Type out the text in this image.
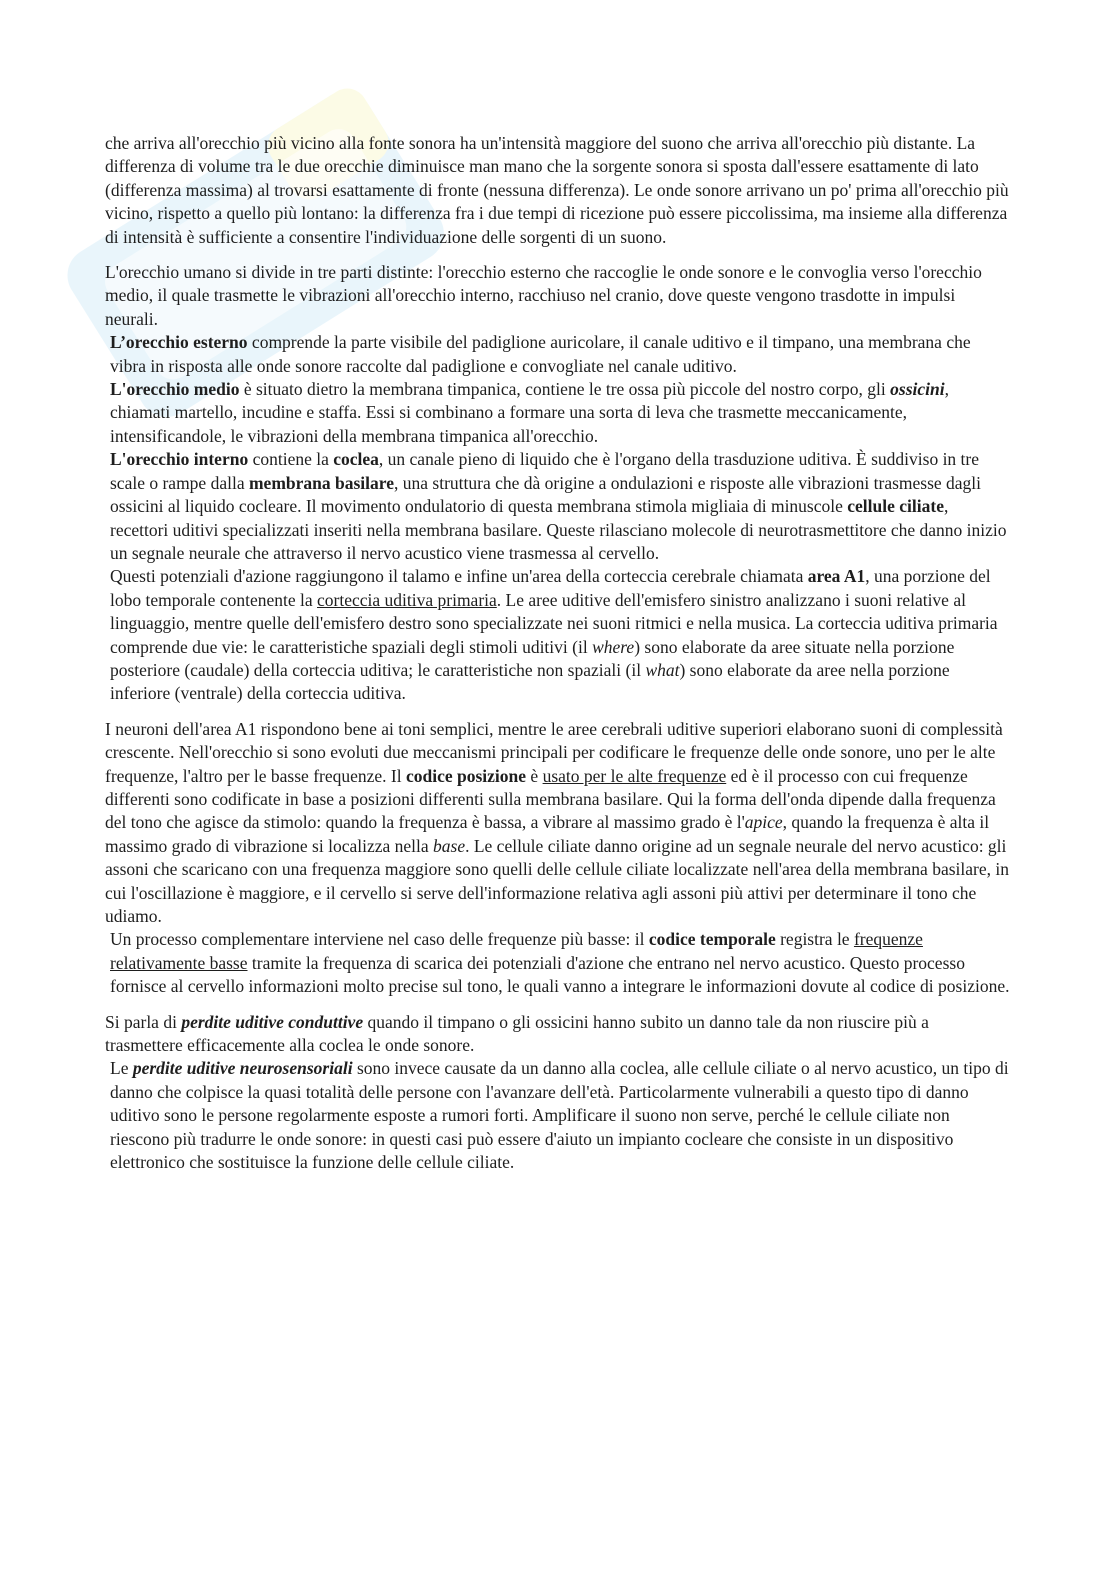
che arriva all'orecchio più vicino alla fonte sonora ha un'intensità maggiore del suono che arriva all'orecchio più distante. La differenza di volume tra le due orecchie diminuisce man mano che la sorgente sonora si sposta dall'essere esattamente di lato (differenza massima) al trovarsi esattamente di fronte (nessuna differenza). Le onde sonore arrivano un po' prima all'orecchio più vicino, rispetto a quello più lontano: la differenza fra i due tempi di ricezione può essere piccolissima, ma insieme alla differenza di intensità è sufficiente a consentire l'individuazione delle sorgenti di un suono.

L'orecchio umano si divide in tre parti distinte: l'orecchio esterno che raccoglie le onde sonore e le convoglia verso l'orecchio medio, il quale trasmette le vibrazioni all'orecchio interno, racchiuso nel cranio, dove queste vengono trasdotte in impulsi neurali.

L’orecchio esterno comprende la parte visibile del padiglione auricolare, il canale uditivo e il timpano, una membrana che vibra in risposta alle onde sonore raccolte dal padiglione e convogliate nel canale uditivo.

L'orecchio medio è situato dietro la membrana timpanica, contiene le tre ossa più piccole del nostro corpo, gli ossicini, chiamati martello, incudine e staffa. Essi si combinano a formare una sorta di leva che trasmette meccanicamente, intensificandole, le vibrazioni della membrana timpanica all'orecchio.

L'orecchio interno contiene la coclea, un canale pieno di liquido che è l'organo della trasduzione uditiva. È suddiviso in tre scale o rampe dalla membrana basilare, una struttura che dà origine a ondulazioni e risposte alle vibrazioni trasmesse dagli ossicini al liquido cocleare. Il movimento ondulatorio di questa membrana stimola migliaia di minuscole cellule ciliate, recettori uditivi specializzati inseriti nella membrana basilare. Queste rilasciano molecole di neurotrasmettitore che danno inizio un segnale neurale che attraverso il nervo acustico viene trasmessa al cervello.

Questi potenziali d'azione raggiungono il talamo e infine un'area della corteccia cerebrale chiamata area A1, una porzione del lobo temporale contenente la corteccia uditiva primaria. Le aree uditive dell'emisfero sinistro analizzano i suoni relative al linguaggio, mentre quelle dell'emisfero destro sono specializzate nei suoni ritmici e nella musica. La corteccia uditiva primaria comprende due vie: le caratteristiche spaziali degli stimoli uditivi (il where) sono elaborate da aree situate nella porzione posteriore (caudale) della corteccia uditiva; le caratteristiche non spaziali (il what) sono elaborate da aree nella porzione inferiore (ventrale) della corteccia uditiva.

I neuroni dell'area A1 rispondono bene ai toni semplici, mentre le aree cerebrali uditive superiori elaborano suoni di complessità crescente. Nell'orecchio si sono evoluti due meccanismi principali per codificare le frequenze delle onde sonore, uno per le alte frequenze, l'altro per le basse frequenze. Il codice posizione è usato per le alte frequenze ed è il processo con cui frequenze differenti sono codificate in base a posizioni differenti sulla membrana basilare. Qui la forma dell'onda dipende dalla frequenza del tono che agisce da stimolo: quando la frequenza è bassa, a vibrare al massimo grado è l'apice, quando la frequenza è alta il massimo grado di vibrazione si localizza nella base. Le cellule ciliate danno origine ad un segnale neurale del nervo acustico: gli assoni che scaricano con una frequenza maggiore sono quelli delle cellule ciliate localizzate nell'area della membrana basilare, in cui l'oscillazione è maggiore, e il cervello si serve dell'informazione relativa agli assoni più attivi per determinare il tono che udiamo.

Un processo complementare interviene nel caso delle frequenze più basse: il codice temporale registra le frequenze relativamente basse tramite la frequenza di scarica dei potenziali d'azione che entrano nel nervo acustico. Questo processo fornisce al cervello informazioni molto precise sul tono, le quali vanno a integrare le informazioni dovute al codice di posizione.

Si parla di perdite uditive conduttive quando il timpano o gli ossicini hanno subito un danno tale da non riuscire più a trasmettere efficacemente alla coclea le onde sonore.

Le perdite uditive neurosensoriali sono invece causate da un danno alla coclea, alle cellule ciliate o al nervo acustico, un tipo di danno che colpisce la quasi totalità delle persone con l'avanzare dell'età. Particolarmente vulnerabili a questo tipo di danno uditivo sono le persone regolarmente esposte a rumori forti. Amplificare il suono non serve, perché le cellule ciliate non riescono più tradurre le onde sonore: in questi casi può essere d'aiuto un impianto cocleare che consiste in un dispositivo elettronico che sostituisce la funzione delle cellule ciliate.
